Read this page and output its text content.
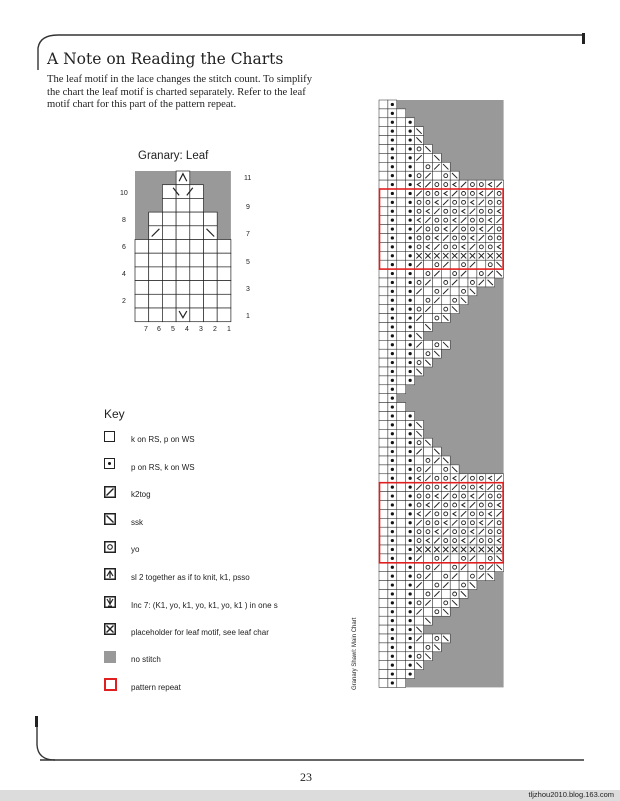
A Note on Reading the Charts
The leaf motif in the lace changes the stitch count. To simplify the chart the leaf motif is charted separately. Refer to the leaf motif chart for this part of the pattern repeat.
Granary: Leaf
11
9
7
5
3
1
10
8
6
4
2
7 6 5 4 3 2 1
Key
k on RS, p on WS
p on RS, k on WS
k2tog
ssk
yo
sl 2 together as if to knit, k1, psso
Inc 7: (K1, yo, k1, yo, k1, yo, k1 ) in one s
placeholder for leaf motif, see leaf char
no stitch
pattern repeat	Granary Shawl: Main Chart
23
tljzhou2010.blog.163.com
